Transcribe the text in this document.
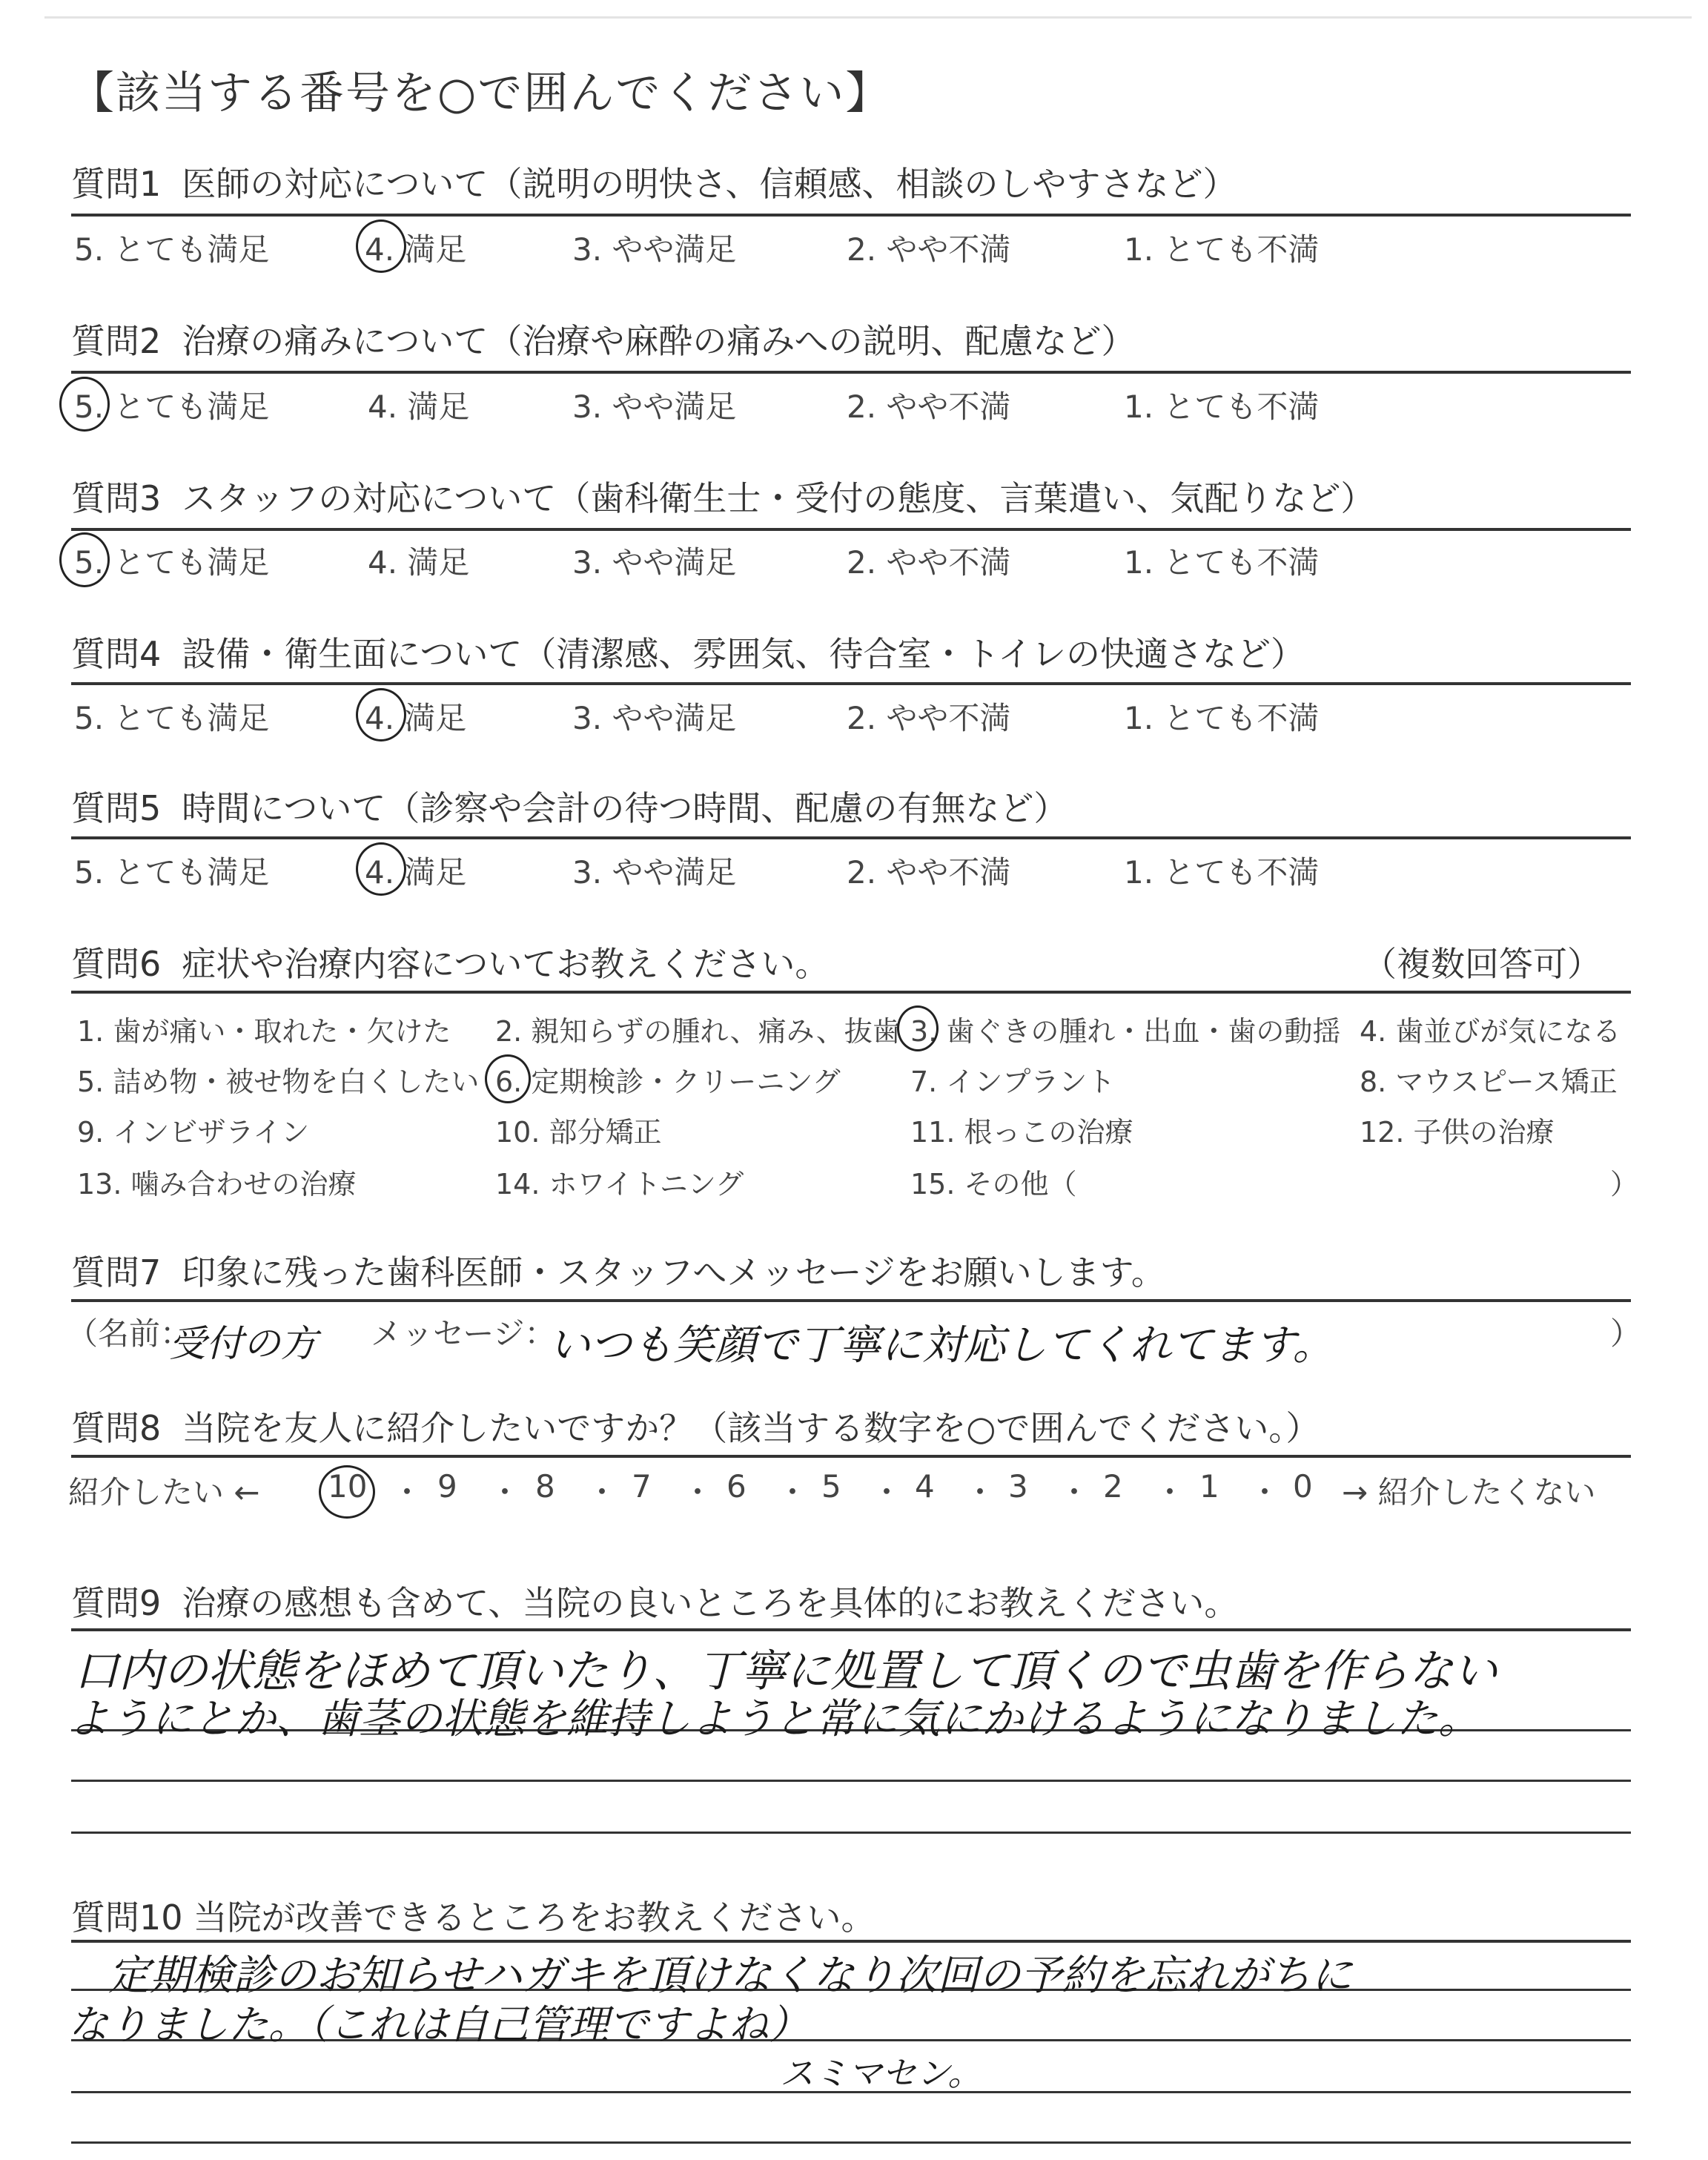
【該当する番号を○で囲んでください】
質問1 医師の対応について（説明の明快さ、信頼感、相談のしやすさなど）
5. とても満足	4. 満足	3. やや満足	2. やや不満	1. とても不満
質問2 治療の痛みについて（治療や麻酔の痛みへの説明、配慮など）
5. とても満足	4. 満足	3. やや満足	2. やや不満	1. とても不満
質問3 スタッフの対応について（歯科衛生士・受付の態度、言葉遣い、気配りなど）
5. とても満足	4. 満足	3. やや満足	2. やや不満	1. とても不満
質問4 設備・衛生面について（清潔感、雰囲気、待合室・トイレの快適さなど）
5. とても満足	4. 満足	3. やや満足	2. やや不満	1. とても不満
質問5 時間について（診察や会計の待つ時間、配慮の有無など）
5. とても満足	4. 満足	3. やや満足	2. やや不満	1. とても不満
質問6 症状や治療内容についてお教えください。	（複数回答可）
1. 歯が痛い・取れた・欠けた 2. 親知らずの腫れ、痛み、抜歯 3. 歯ぐきの腫れ・出血・歯の動揺 4. 歯並びが気になる
5. 詰め物・被せ物を白くしたい 6. 定期検診・クリーニング 7. インプラント	8. マウスピース矯正
9. インビザライン	10. 部分矯正	11. 根っこの治療	12. 子供の治療
13. 噛み合わせの治療	14. ホワイトニング	15. その他（	）
質問7 印象に残った歯科医師・スタッフへメッセージをお願いします。
（名前：
受付の方 メッセージ：
いつも笑顔で丁寧に対応してくれてます。	）
質問8 当院を友人に紹介したいですか？（該当する数字を○で囲んでください。）
紹介したい ←	→ 紹介したくない
10 ・ 9 ・ 8 ・ 7 ・ 6 ・ 5 ・ 4 ・ 3 ・ 2 ・ 1 ・ 0
質問9 治療の感想も含めて、当院の良いところを具体的にお教えください。
口内の状態をほめて頂いたり、丁寧に処置して頂くので虫歯を作らない
ようにとか、歯茎の状態を維持しようと常に気にかけるようになりました。
質問10 当院が改善できるところをお教えください。
定期検診のお知らせハガキを頂けなくなり次回の予約を忘れがちに
なりました。（これは自己管理ですよね）
スミマセン。
